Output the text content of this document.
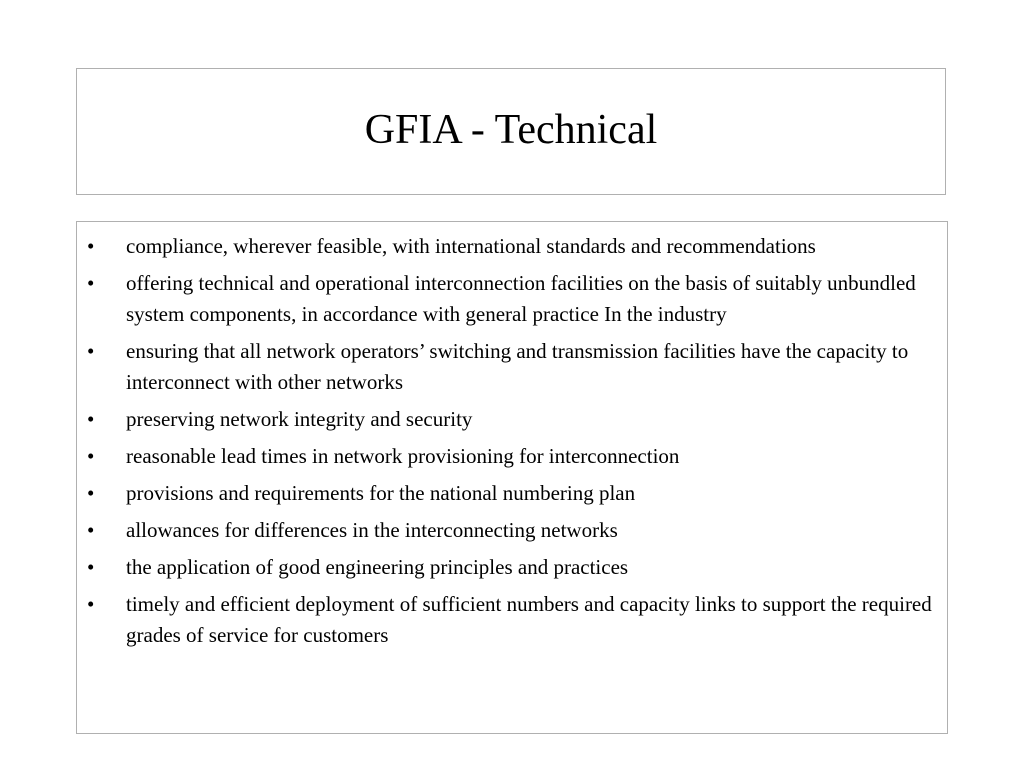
GFIA - Technical
•	compliance, wherever feasible, with international standards and recommendations
•	offering technical and operational interconnection facilities on the basis of suitably unbundled system components, in accordance with general practice In the industry
•	ensuring that all network operators’ switching and transmission facilities have the capacity to interconnect with other networks
•	preserving network integrity and security
•	reasonable lead times in network provisioning for interconnection
•	provisions and requirements for the national numbering plan
•	allowances for differences in the interconnecting networks
•	the application of good engineering principles and practices
•	timely and efficient deployment of sufficient numbers and capacity links to support the required grades of service for customers
